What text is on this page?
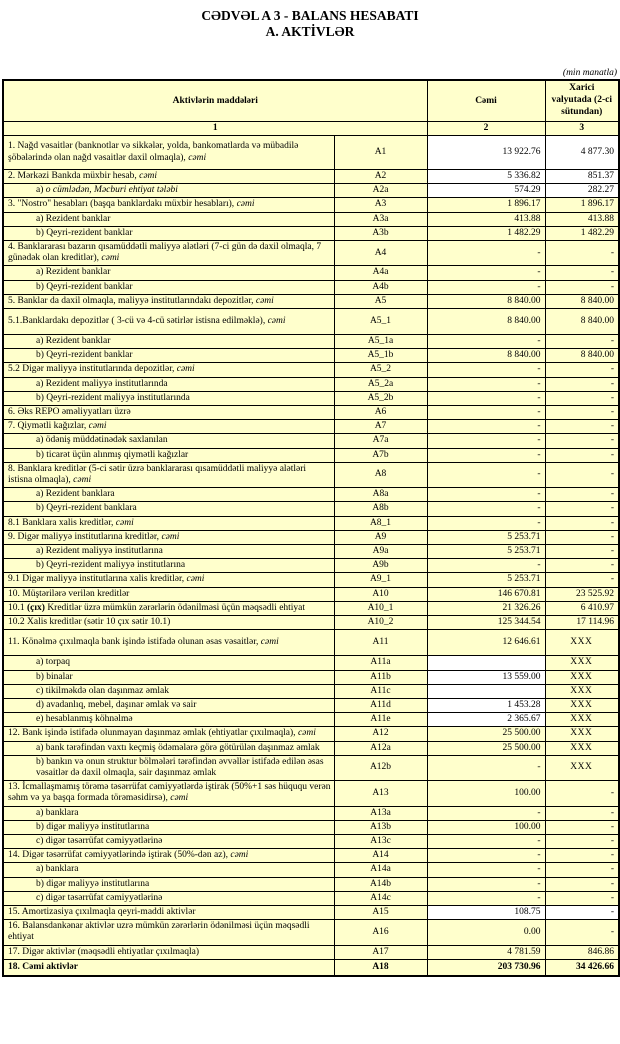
CƏDVƏL A 3 - BALANS HESABATI
A. AKTİVLƏR
(min manatla)
Aktivlərin maddələri		Cəmi	Xarici valyutada (2-ci sütundan)
1		2	3
1. Nağd vəsaitlər (banknotlar və sikkələr, yolda, bankomatlarda və mübadilə şöbələrində olan nağd vəsaitlər daxil olmaqla), cəmi	A1	13 922.76	4 877.30
2. Mərkəzi Bankda müxbir hesab, cəmi	A2	5 336.82	851.37
a) o cümlədən, Məcburi ehtiyat tələbi	A2a	574.29	282.27
3. "Nostro" hesabları (başqa banklardakı müxbir hesabları), cəmi	A3	1 896.17	1 896.17
a) Rezident banklar	A3a	413.88	413.88
b) Qeyri-rezident banklar	A3b	1 482.29	1 482.29
4. Banklararası bazarın qısamüddətli maliyyə alətləri (7-ci gün də daxil olmaqla, 7 günədək olan kreditlər), cəmi	A4	-	-
a) Rezident banklar	A4a	-	-
b) Qeyri-rezident banklar	A4b	-	-
5. Banklar da daxil olmaqla, maliyyə institutlarındakı depozitlər, cəmi	A5	8 840.00	8 840.00
5.1.Banklardakı depozitlər ( 3-cü və 4-cü sətirlər istisna edilməklə), cəmi	A5_1	8 840.00	8 840.00
a) Rezident banklar	A5_1a	-	-
b) Qeyri-rezident banklar	A5_1b	8 840.00	8 840.00
5.2 Digər maliyyə institutlarında depozitlər, cəmi	A5_2	-	-
a) Rezident maliyyə institutlarında	A5_2a	-	-
b) Qeyri-rezident maliyyə institutlarında	A5_2b	-	-
6. Əks REPO əməliyyatları üzrə	A6	-	-
7. Qiymətli kağızlar, cəmi	A7	-	-
a) ödəniş müddətinədək saxlanılan	A7a	-	-
b) ticarət üçün alınmış qiymətli kağızlar	A7b	-	-
8. Banklara kreditlər (5-ci sətir üzrə banklararası qısamüddətli maliyyə alətləri istisna olmaqla), cəmi	A8	-	-
a) Rezident banklara	A8a	-	-
b) Qeyri-rezident banklara	A8b	-	-
8.1 Banklara xalis kreditlər, cəmi	A8_1	-	-
9. Digər maliyyə institutlarına kreditlər, cəmi	A9	5 253.71	-
a) Rezident maliyyə institutlarına	A9a	5 253.71	-
b) Qeyri-rezident maliyyə institutlarına	A9b	-	-
9.1 Digər maliyyə institutlarına xalis kreditlər, cəmi	A9_1	5 253.71	-
10. Müştərilərə verilən kreditlər	A10	146 670.81	23 525.92
10.1 (çıx) Kreditlər üzrə mümkün zərərlərin ödənilməsi üçün məqsədli ehtiyat	A10_1	21 326.26	6 410.97
10.2 Xalis kreditlər (sətir 10 çıx sətir 10.1)	A10_2	125 344.54	17 114.96
11. Könəlmə çıxılmaqla bank işində istifadə olunan əsas vəsaitlər, cəmi	A11	12 646.61	XXX
a) torpaq	A11a		XXX
b) binalar	A11b	13 559.00	XXX
c) tikilməkdə olan daşınmaz əmlak	A11c		XXX
d) avadanlıq, mebel, daşınar əmlak və sair	A11d	1 453.28	XXX
e) hesablanmış köhnəlmə	A11e	2 365.67	XXX
12. Bank işində istifadə olunmayan daşınmaz əmlak (ehtiyatlar çıxılmaqla), cəmi	A12	25 500.00	XXX
a) bank tərəfindən vaxtı keçmiş ödəmələrə görə götürülən daşınmaz əmlak	A12a	25 500.00	XXX
b) bankın və onun struktur bölmələri tərəfindən əvvəllər istifadə edilən əsas vəsaitlər də daxil olmaqla, sair daşınmaz əmlak	A12b	-	XXX
13. İcmallaşmamış törəmə təsərrüfat cəmiyyətlərdə iştirak (50%+1 səs hüququ verən səhm və ya başqa formada törəməsidirsə), cəmi	A13	100.00	-
a) banklara	A13a	-	-
b) digər maliyyə institutlarına	A13b	100.00	-
c) digər təsərrüfat cəmiyyətlərinə	A13c	-	-
14. Digər təsərrüfat cəmiyyətlərində iştirak (50%-dən az), cəmi	A14	-	-
a) banklara	A14a	-	-
b) digər maliyyə institutlarına	A14b	-	-
c) digər təsərrüfat cəmiyyətlərinə	A14c	-	-
15. Amortizasiya çıxılmaqla qeyri-maddi aktivlər	A15	108.75	-
16. Balansdankənar aktivlər uzrə mümkün zərərlərin ödənilməsi üçün məqsədli ehtiyat	A16	0.00	-
17. Digər aktivlər (məqsədli ehtiyatlar çıxılmaqla)	A17	4 781.59	846.86
18. Cəmi aktivlər	A18	203 730.96	34 426.66
